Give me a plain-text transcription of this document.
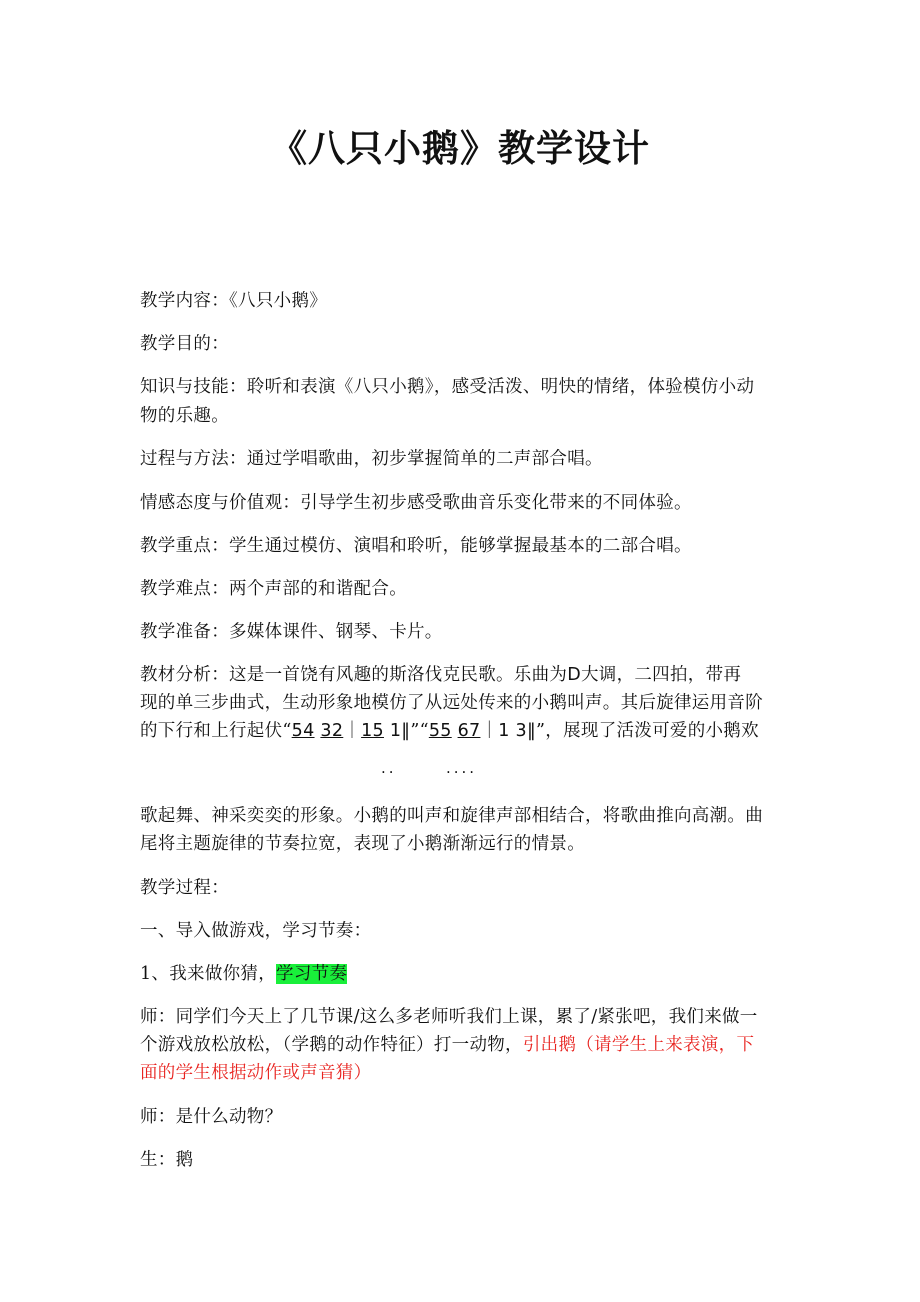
《八只小鹅》教学设计
教学内容：《八只小鹅》
教学目的：
知识与技能：聆听和表演《八只小鹅》，感受活泼、明快的情绪，体验模仿小动
物的乐趣。
过程与方法：通过学唱歌曲，初步掌握简单的二声部合唱。
情感态度与价值观：引导学生初步感受歌曲音乐变化带来的不同体验。
教学重点：学生通过模仿、演唱和聆听，能够掌握最基本的二部合唱。
教学难点：两个声部的和谐配合。
教学准备：多媒体课件、钢琴、卡片。
教材分析：这是一首饶有风趣的斯洛伐克民歌。乐曲为D大调，二四拍，带再
现的单三步曲式，生动形象地模仿了从远处传来的小鹅叫声。其后旋律运用音阶
的下行和上行起伏“54 32｜15 1‖”“55 67｜1 3‖”，展现了活泼可爱的小鹅欢
..	....
歌起舞、神采奕奕的形象。小鹅的叫声和旋律声部相结合，将歌曲推向高潮。曲
尾将主题旋律的节奏拉宽，表现了小鹅渐渐远行的情景。
教学过程：
一、导入做游戏，学习节奏：
1、我来做你猜，学习节奏
师：同学们今天上了几节课/这么多老师听我们上课，累了/紧张吧，我们来做一
个游戏放松放松，（学鹅的动作特征）打一动物，引出鹅（请学生上来表演，下
面的学生根据动作或声音猜）
师：是什么动物？
生：鹅
